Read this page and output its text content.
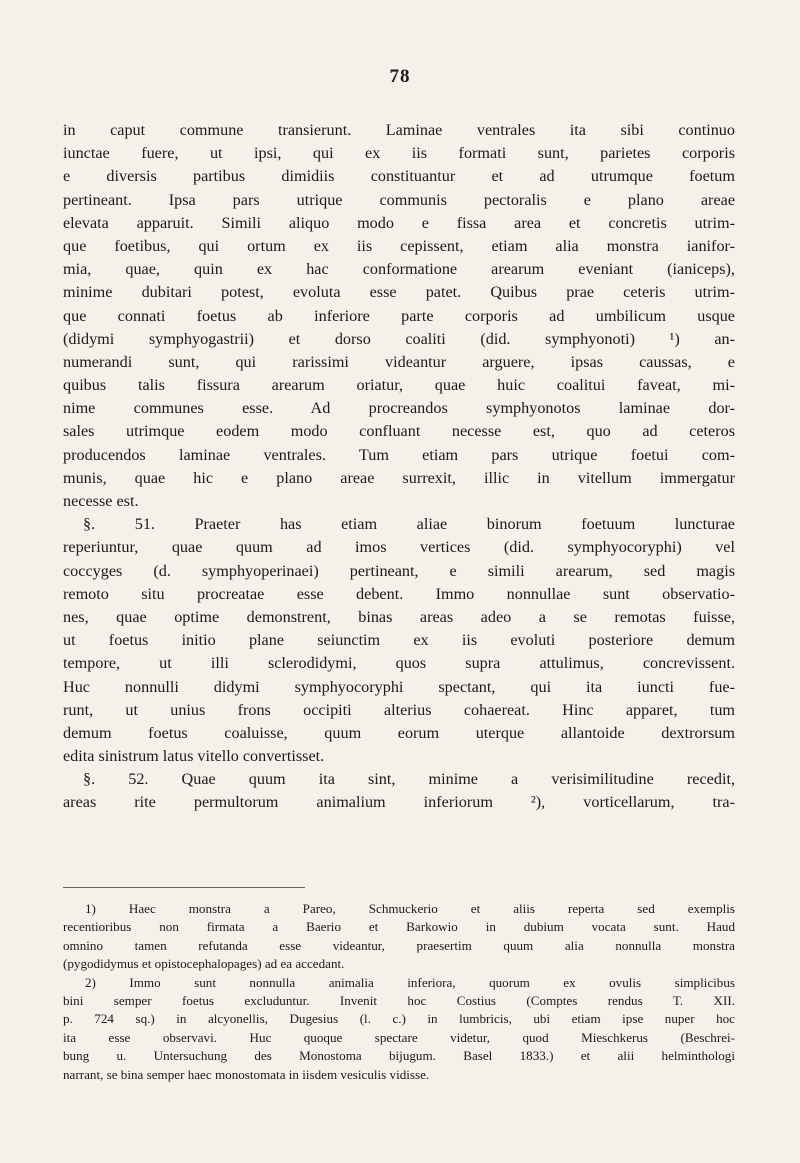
78
in caput commune transierunt. Laminae ventrales ita sibi continuo
iunctae fuere, ut ipsi, qui ex iis formati sunt, parietes corporis
e diversis partibus dimidiis constituantur et ad utrumque foetum
pertineant. Ipsa pars utrique communis pectoralis e plano areae
elevata apparuit. Simili aliquo modo e fissa area et concretis utrim-
que foetibus, qui ortum ex iis cepissent, etiam alia monstra ianifor-
mia, quae, quin ex hac conformatione arearum eveniant (ianiceps),
minime dubitari potest, evoluta esse patet. Quibus prae ceteris utrim-
que connati foetus ab inferiore parte corporis ad umbilicum usque
(didymi symphyogastrii) et dorso coaliti (did. symphyonoti) ¹) an-
numerandi sunt, qui rarissimi videantur arguere, ipsas caussas, e
quibus talis fissura arearum oriatur, quae huic coalitui faveat, mi-
nime communes esse. Ad procreandos symphyonotos laminae dor-
sales utrimque eodem modo confluant necesse est, quo ad ceteros
producendos laminae ventrales. Tum etiam pars utrique foetui com-
munis, quae hic e plano areae surrexit, illic in vitellum immergatur
necesse est.
§. 51. Praeter has etiam aliae binorum foetuum luncturae
reperiuntur, quae quum ad imos vertices (did. symphyocoryphi) vel
coccyges (d. symphyoperinaei) pertineant, e simili arearum, sed magis
remoto situ procreatae esse debent. Immo nonnullae sunt observatio-
nes, quae optime demonstrent, binas areas adeo a se remotas fuisse,
ut foetus initio plane seiunctim ex iis evoluti posteriore demum
tempore, ut illi sclerodidymi, quos supra attulimus, concrevissent.
Huc nonnulli didymi symphyocoryphi spectant, qui ita iuncti fue-
runt, ut unius frons occipiti alterius cohaereat. Hinc apparet, tum
demum foetus coaluisse, quum eorum uterque allantoide dextrorsum
edita sinistrum latus vitello convertisset.
§. 52. Quae quum ita sint, minime a verisimilitudine recedit,
areas rite permultorum animalium inferiorum ²), vorticellarum, tra-
1) Haec monstra a Pareo, Schmuckerio et aliis reperta sed exemplis
recentioribus non firmata a Baerio et Barkowio in dubium vocata sunt. Haud
omnino tamen refutanda esse videantur, praesertim quum alia nonnulla monstra
(pygodidymus et opistocephalopages) ad ea accedant.
2) Immo sunt nonnulla animalia inferiora, quorum ex ovulis simplicibus
bini semper foetus excluduntur. Invenit hoc Costius (Comptes rendus T. XII.
p. 724 sq.) in alcyonellis, Dugesius (l. c.) in lumbricis, ubi etiam ipse nuper hoc
ita esse observavi. Huc quoque spectare videtur, quod Mieschkerus (Beschrei-
bung u. Untersuchung des Monostoma bijugum. Basel 1833.) et alii helminthologi
narrant, se bina semper haec monostomata in iisdem vesiculis vidisse.
